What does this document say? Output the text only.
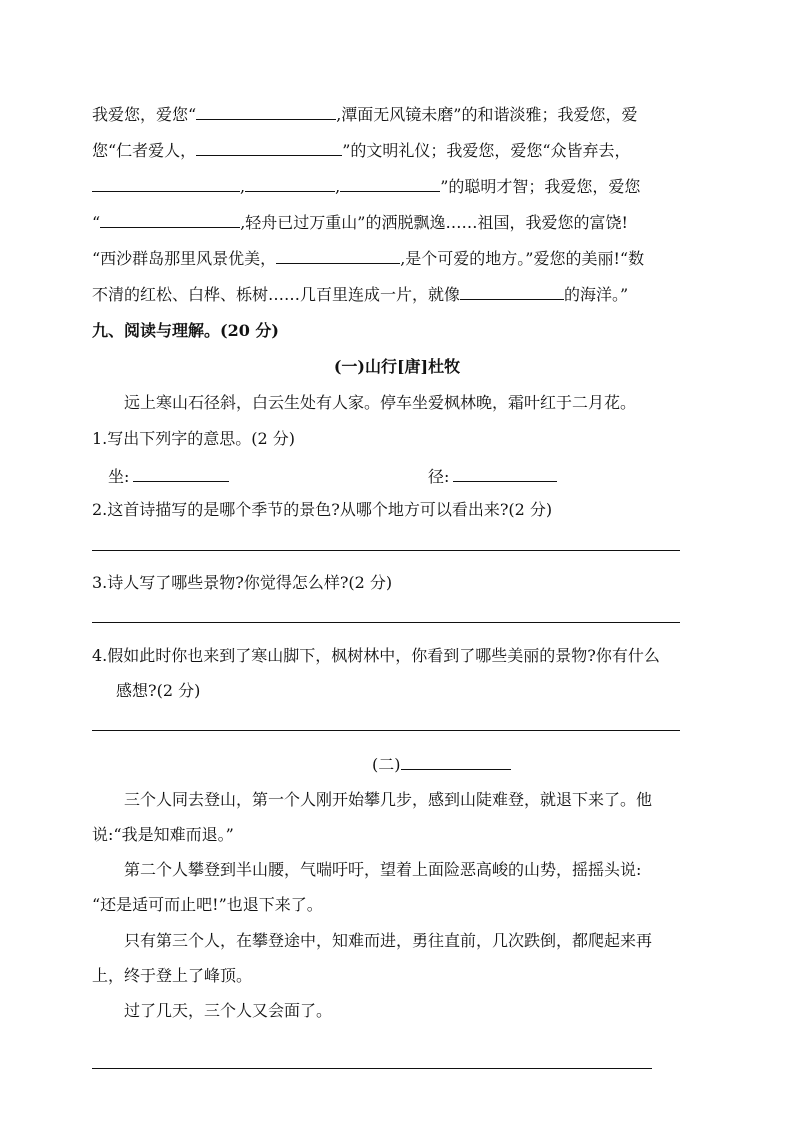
我爱您，爱您“	,潭面无风镜未磨”的和谐淡雅；我爱您，爱
您“仁者爱人，	”的文明礼仪；我爱您，爱您“众皆弃去，
,	,	”的聪明才智；我爱您，爱您
“	,轻舟已过万重山”的洒脱飘逸……祖国，我爱您的富饶!
“西沙群岛那里风景优美，	,是个可爱的地方。”爱您的美丽!“数
不清的红松、白桦、栎树……几百里连成一片，就像	的海洋。”
九、阅读与理解。(20 分)
(一)山行[唐]杜牧
远上寒山石径斜，白云生处有人家。停车坐爱枫林晚，霜叶红于二月花。
1.写出下列字的意思。(2 分)
坐:	径:
2.这首诗描写的是哪个季节的景色?从哪个地方可以看出来?(2 分)
3.诗人写了哪些景物?你觉得怎么样?(2 分)
4.假如此时你也来到了寒山脚下，枫树林中，你看到了哪些美丽的景物?你有什么
感想?(2 分)
(二)
三个人同去登山，第一个人刚开始攀几步，感到山陡难登，就退下来了。他
说:“我是知难而退。”
第二个人攀登到半山腰，气喘吁吁，望着上面险恶高峻的山势，摇摇头说:
“还是适可而止吧!”也退下来了。
只有第三个人，在攀登途中，知难而进，勇往直前，几次跌倒，都爬起来再
上，终于登上了峰顶。
过了几天，三个人又会面了。
